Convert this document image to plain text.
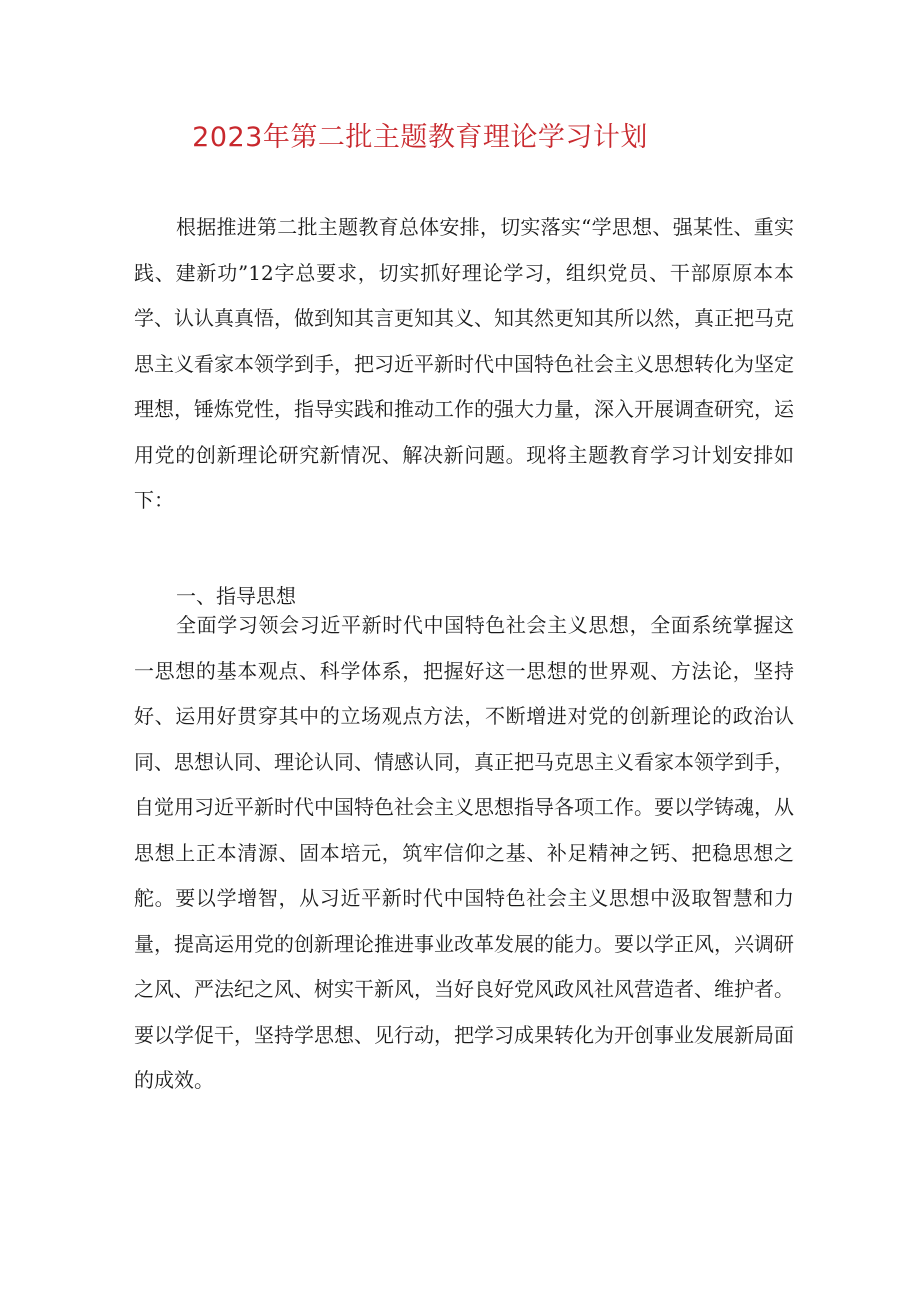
2023年第二批主题教育理论学习计划

根据推进第二批主题教育总体安排，切实落实“学思想、强某性、重实践、建新功”12字总要求，切实抓好理论学习，组织党员、干部原原本本学、认认真真悟，做到知其言更知其义、知其然更知其所以然，真正把马克思主义看家本领学到手，把习近平新时代中国特色社会主义思想转化为坚定理想，锤炼党性，指导实践和推动工作的强大力量，深入开展调查研究，运用党的创新理论研究新情况、解决新问题。现将主题教育学习计划安排如下：

一、指导思想

全面学习领会习近平新时代中国特色社会主义思想，全面系统掌握这一思想的基本观点、科学体系，把握好这一思想的世界观、方法论，坚持好、运用好贯穿其中的立场观点方法，不断增进对党的创新理论的政治认同、思想认同、理论认同、情感认同，真正把马克思主义看家本领学到手，自觉用习近平新时代中国特色社会主义思想指导各项工作。要以学铸魂，从思想上正本清源、固本培元，筑牢信仰之基、补足精神之钙、把稳思想之舵。要以学增智，从习近平新时代中国特色社会主义思想中汲取智慧和力量，提高运用党的创新理论推进事业改革发展的能力。要以学正风，兴调研之风、严法纪之风、树实干新风，当好良好党风政风社风营造者、维护者。要以学促干，坚持学思想、见行动，把学习成果转化为开创事业发展新局面的成效。
